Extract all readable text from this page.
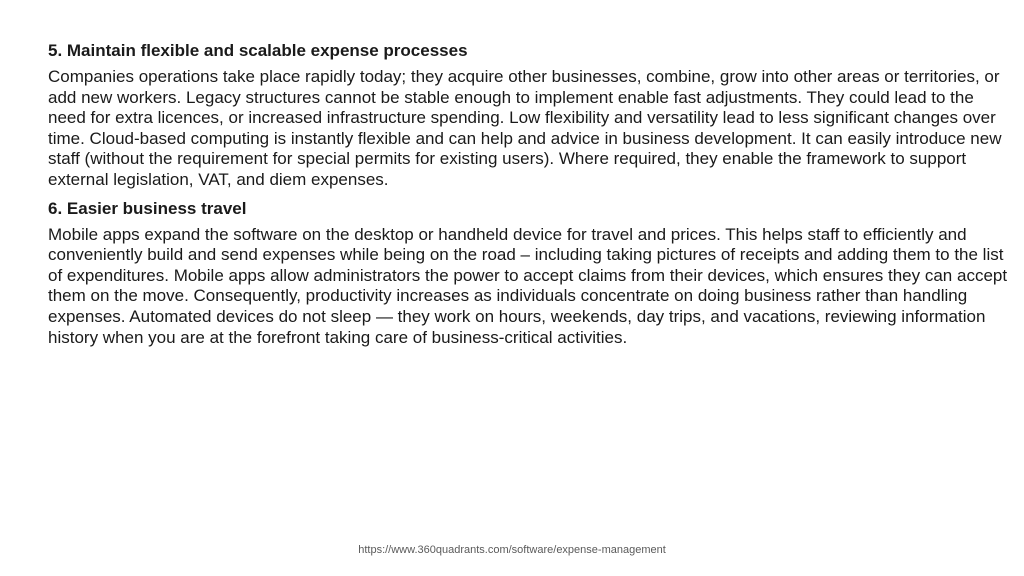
5. Maintain flexible and scalable expense processes
Companies operations take place rapidly today; they acquire other businesses, combine, grow into other areas or territories, or add new workers. Legacy structures cannot be stable enough to implement enable fast adjustments. They could lead to the need for extra licences, or increased infrastructure spending. Low flexibility and versatility lead to less significant changes over time. Cloud-based computing is instantly flexible and can help and advice in business development. It can easily introduce new staff (without the requirement for special permits for existing users). Where required, they enable the framework to support external legislation, VAT, and diem expenses.
6. Easier business travel
Mobile apps expand the software on the desktop or handheld device for travel and prices. This helps staff to efficiently and conveniently build and send expenses while being on the road – including taking pictures of receipts and adding them to the list of expenditures. Mobile apps allow administrators the power to accept claims from their devices, which ensures they can accept them on the move. Consequently, productivity increases as individuals concentrate on doing business rather than handling expenses. Automated devices do not sleep — they work on hours, weekends, day trips, and vacations, reviewing information history when you are at the forefront taking care of business-critical activities.
https://www.360quadrants.com/software/expense-management
